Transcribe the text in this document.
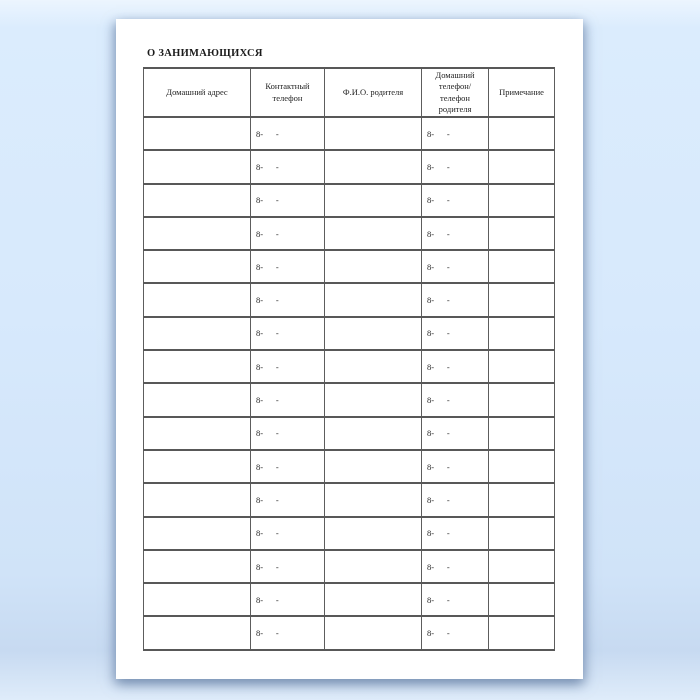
О ЗАНИМАЮЩИХСЯ
Домашний адрес	Контактный телефон	Ф.И.О. родителя	Домашний телефон/ телефон родителя	Примечание
	8-      -		8-      -	
	8-      -		8-      -	
	8-      -		8-      -	
	8-      -		8-      -	
	8-      -		8-      -	
	8-      -		8-      -	
	8-      -		8-      -	
	8-      -		8-      -	
	8-      -		8-      -	
	8-      -		8-      -	
	8-      -		8-      -	
	8-      -		8-      -	
	8-      -		8-      -	
	8-      -		8-      -	
	8-      -		8-      -	
	8-      -		8-      -	
